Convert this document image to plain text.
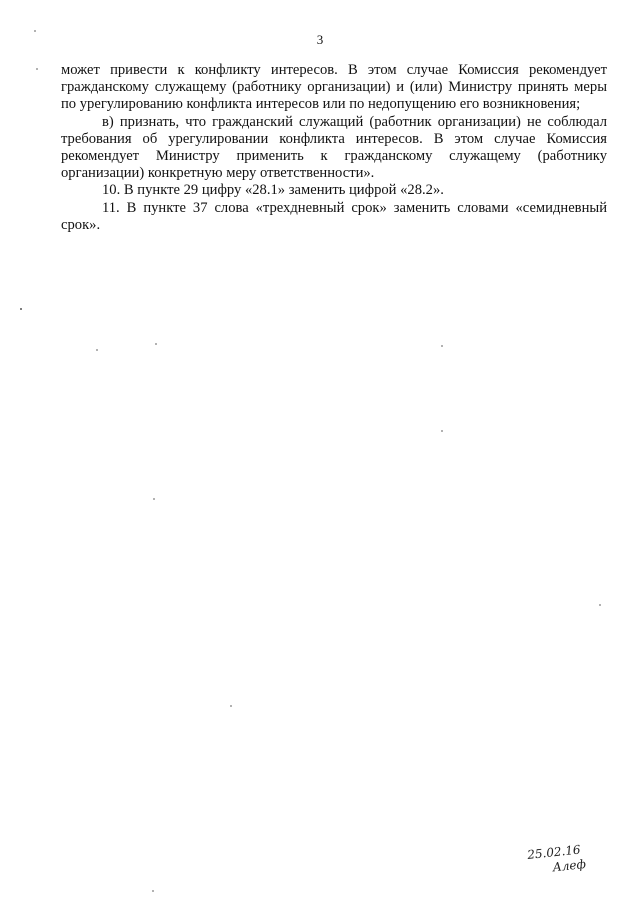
3

может привести к конфликту интересов. В этом случае Комиссия рекомендует гражданскому служащему (работнику организации) и (или) Министру принять меры по урегулированию конфликта интересов или по недопущению его возникновения;

в) признать, что гражданский служащий (работник организации) не соблюдал требования об урегулировании конфликта интересов. В этом случае Комиссия рекомендует Министру применить к гражданскому служащему (работнику организации) конкретную меру ответственности».

10. В пункте 29 цифру «28.1» заменить цифрой «28.2».

11. В пункте 37 слова «трехдневный срок» заменить словами «семидневный срок».

25.02.16
Алеф
